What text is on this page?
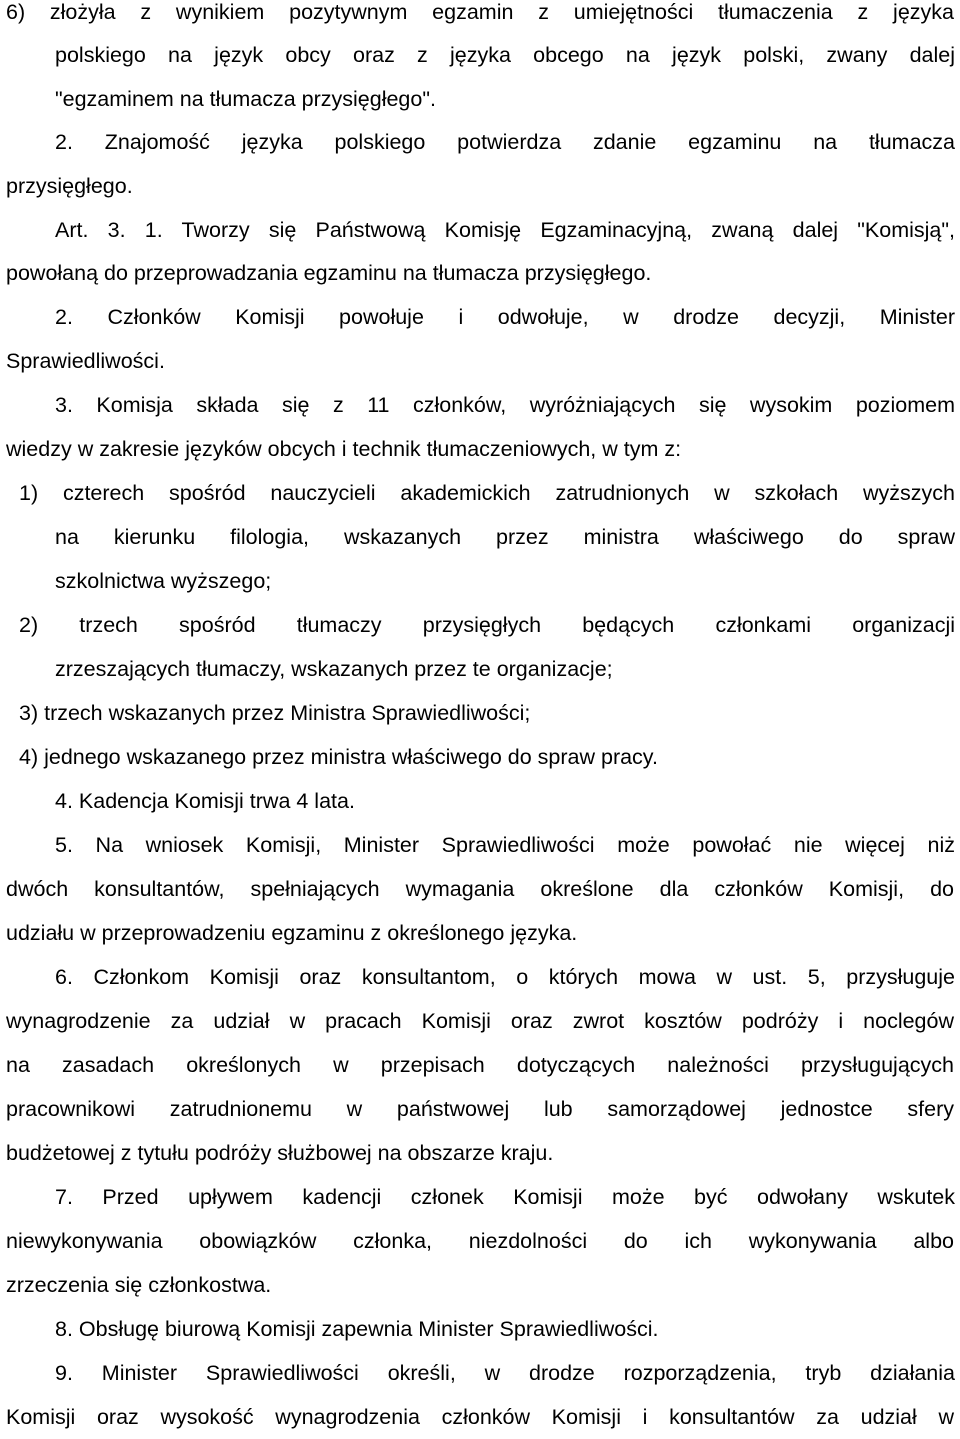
6) złożyła z wynikiem pozytywnym egzamin z umiejętności tłumaczenia z języka
polskiego na język obcy oraz z języka obcego na język polski, zwany dalej
"egzaminem na tłumacza przysięgłego".
2. Znajomość języka polskiego potwierdza zdanie egzaminu na tłumacza
przysięgłego.
Art. 3. 1. Tworzy się Państwową Komisję Egzaminacyjną, zwaną dalej "Komisją",
powołaną do przeprowadzania egzaminu na tłumacza przysięgłego.
2. Członków Komisji powołuje i odwołuje, w drodze decyzji, Minister
Sprawiedliwości.
3. Komisja składa się z 11 członków, wyróżniających się wysokim poziomem
wiedzy w zakresie języków obcych i technik tłumaczeniowych, w tym z:
1) czterech spośród nauczycieli akademickich zatrudnionych w szkołach wyższych
na kierunku filologia, wskazanych przez ministra właściwego do spraw
szkolnictwa wyższego;
2) trzech spośród tłumaczy przysięgłych będących członkami organizacji
zrzeszających tłumaczy, wskazanych przez te organizacje;
3) trzech wskazanych przez Ministra Sprawiedliwości;
4) jednego wskazanego przez ministra właściwego do spraw pracy.
4. Kadencja Komisji trwa 4 lata.
5. Na wniosek Komisji, Minister Sprawiedliwości może powołać nie więcej niż
dwóch konsultantów, spełniających wymagania określone dla członków Komisji, do
udziału w przeprowadzeniu egzaminu z określonego języka.
6. Członkom Komisji oraz konsultantom, o których mowa w ust. 5, przysługuje
wynagrodzenie za udział w pracach Komisji oraz zwrot kosztów podróży i noclegów
na zasadach określonych w przepisach dotyczących należności przysługujących
pracownikowi zatrudnionemu w państwowej lub samorządowej jednostce sfery
budżetowej z tytułu podróży służbowej na obszarze kraju.
7. Przed upływem kadencji członek Komisji może być odwołany wskutek
niewykonywania obowiązków członka, niezdolności do ich wykonywania albo
zrzeczenia się członkostwa.
8. Obsługę biurową Komisji zapewnia Minister Sprawiedliwości.
9. Minister Sprawiedliwości określi, w drodze rozporządzenia, tryb działania
Komisji oraz wysokość wynagrodzenia członków Komisji i konsultantów za udział w
